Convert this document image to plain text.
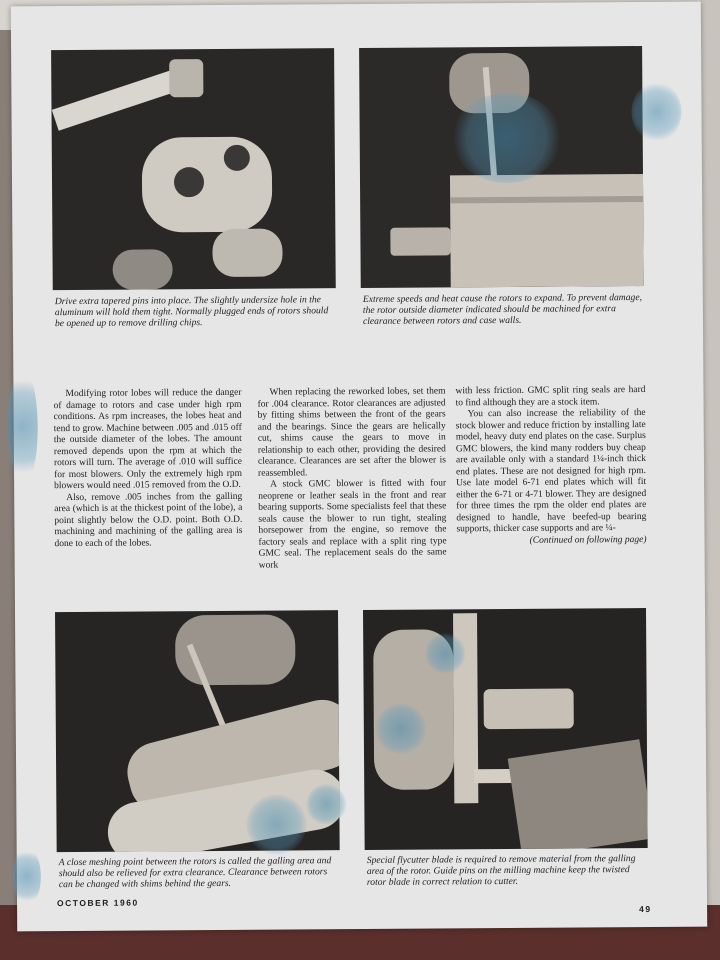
Drive extra tapered pins into place. The slightly undersize hole in the aluminum will hold them tight. Normally plugged ends of rotors should be opened up to remove drilling chips.

Extreme speeds and heat cause the rotors to expand. To prevent damage, the rotor outside diameter indicated should be machined for extra clearance between rotors and case walls.

Modifying rotor lobes will reduce the danger of damage to rotors and case under high rpm conditions. As rpm increases, the lobes heat and tend to grow. Machine between .005 and .015 off the outside diameter of the lobes. The amount removed depends upon the rpm at which the rotors will turn. The average of .010 will suffice for most blowers. Only the extremely high rpm blowers would need .015 removed from the O.D.

Also, remove .005 inches from the galling area (which is at the thickest point of the lobe), a point slightly below the O.D. point. Both O.D. machining and machining of the galling area is done to each of the lobes.

When replacing the reworked lobes, set them for .004 clearance. Rotor clearances are adjusted by fitting shims between the front of the gears and the bearings. Since the gears are helically cut, shims cause the gears to move in relationship to each other, providing the desired clearance. Clearances are set after the blower is reassembled.

A stock GMC blower is fitted with four neoprene or leather seals in the front and rear bearing supports. Some specialists feel that these seals cause the blower to run tight, stealing horsepower from the engine, so remove the factory seals and replace with a split ring type GMC seal. The replacement seals do the same work

with less friction. GMC split ring seals are hard to find although they are a stock item.

You can also increase the reliability of the stock blower and reduce friction by installing late model, heavy duty end plates on the case. Surplus GMC blowers, the kind many rodders buy cheap are available only with a standard 1¼-inch thick end plates. These are not designed for high rpm. Use late model 6-71 end plates which will fit either the 6-71 or 4-71 blower. They are designed for three times the rpm the older end plates are designed to handle, have beefed-up bearing supports, thicker case supports and are ¼-

(Continued on following page)

A close meshing point between the rotors is called the galling area and should also be relieved for extra clearance. Clearance between rotors can be changed with shims behind the gears.

Special flycutter blade is required to remove material from the galling area of the rotor. Guide pins on the milling machine keep the twisted rotor blade in correct relation to cutter.

OCTOBER 1960
49
